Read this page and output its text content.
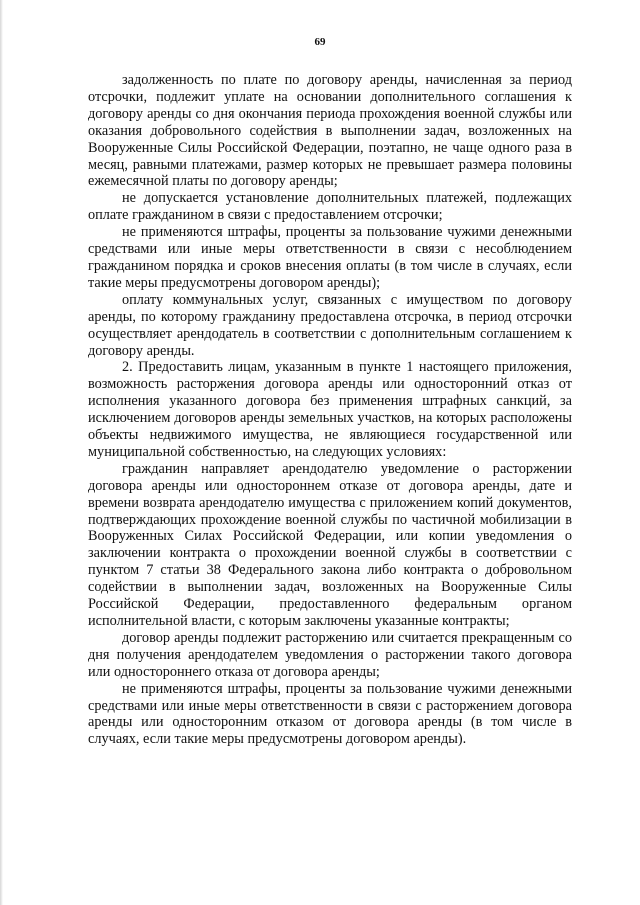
69

задолженность по плате по договору аренды, начисленная за период отсрочки, подлежит уплате на основании дополнительного соглашения к договору аренды со дня окончания периода прохождения военной службы или оказания добровольного содействия в выполнении задач, возложенных на Вооруженные Силы Российской Федерации, поэтапно, не чаще одного раза в месяц, равными платежами, размер которых не превышает размера половины ежемесячной платы по договору аренды;

не допускается установление дополнительных платежей, подлежащих оплате гражданином в связи с предоставлением отсрочки;

не применяются штрафы, проценты за пользование чужими денежными средствами или иные меры ответственности в связи с несоблюдением гражданином порядка и сроков внесения оплаты (в том числе в случаях, если такие меры предусмотрены договором аренды);

оплату коммунальных услуг, связанных с имуществом по договору аренды, по которому гражданину предоставлена отсрочка, в период отсрочки осуществляет арендодатель в соответствии с дополнительным соглашением к договору аренды.

2. Предоставить лицам, указанным в пункте 1 настоящего приложения, возможность расторжения договора аренды или односторонний отказ от исполнения указанного договора без применения штрафных санкций, за исключением договоров аренды земельных участков, на которых расположены объекты недвижимого имущества, не являющиеся государственной или муниципальной собственностью, на следующих условиях:

гражданин направляет арендодателю уведомление о расторжении договора аренды или одностороннем отказе от договора аренды, дате и времени возврата арендодателю имущества с приложением копий документов, подтверждающих прохождение военной службы по частичной мобилизации в Вооруженных Силах Российской Федерации, или копии уведомления о заключении контракта о прохождении военной службы в соответствии с пунктом 7 статьи 38 Федерального закона либо контракта о добровольном содействии в выполнении задач, возложенных на Вооруженные Силы Российской Федерации, предоставленного федеральным органом исполнительной власти, с которым заключены указанные контракты;

договор аренды подлежит расторжению или считается прекращенным со дня получения арендодателем уведомления о расторжении такого договора или одностороннего отказа от договора аренды;

не применяются штрафы, проценты за пользование чужими денежными средствами или иные меры ответственности в связи с расторжением договора аренды или односторонним отказом от договора аренды (в том числе в случаях, если такие меры предусмотрены договором аренды).
